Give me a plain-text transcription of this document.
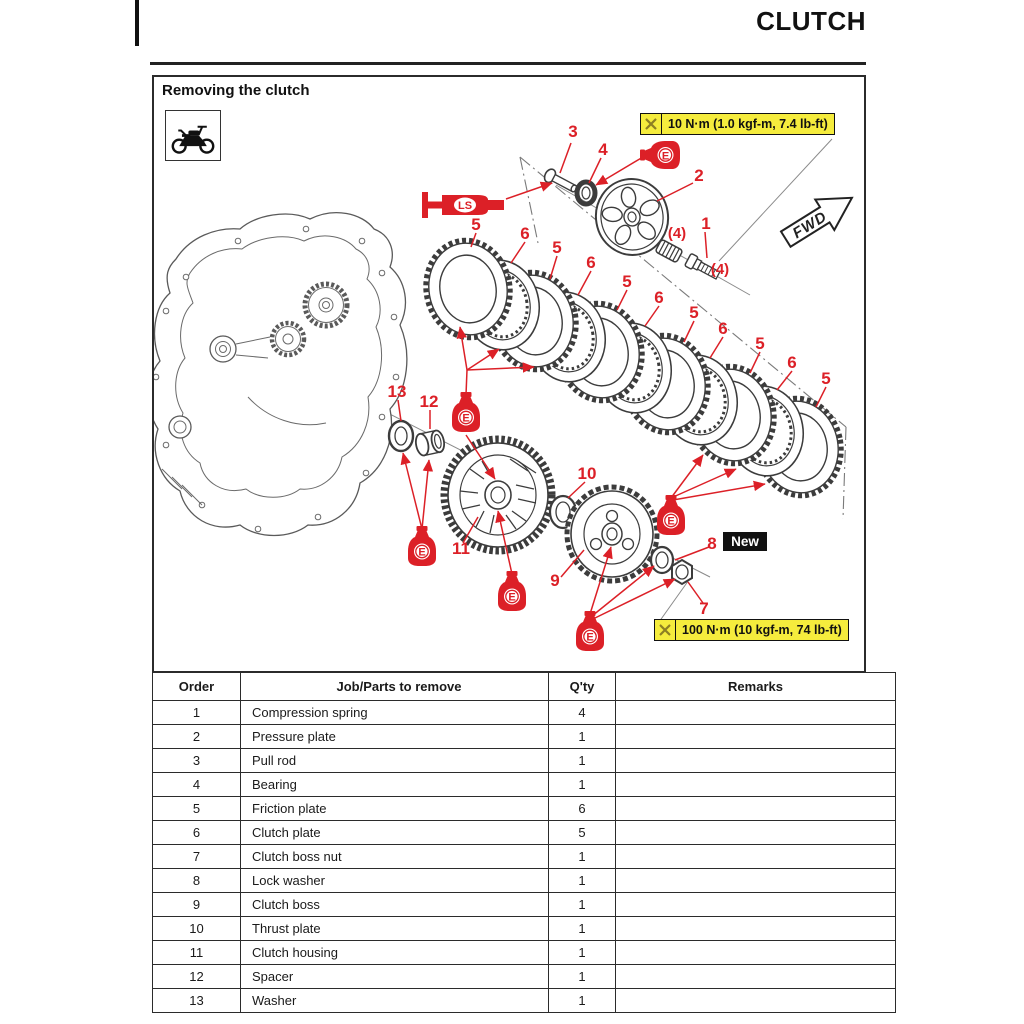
CLUTCH
Removing the clutch
E
E
E
E
E
E
LS
FWD
New
3
4
2
1
(4)
(4)
5
5
5
5
5
5
6
6
6
6
6
13
12
11
10
9
8
7
10 N·m (1.0 kgf-m, 7.4 lb-ft)
100 N·m (10 kgf-m, 74 lb-ft)
Order	Job/Parts to remove	Q'ty	Remarks
1	Compression spring	4	
2	Pressure plate	1	
3	Pull rod	1	
4	Bearing	1	
5	Friction plate	6	
6	Clutch plate	5	
7	Clutch boss nut	1	
8	Lock washer	1	
9	Clutch boss	1	
10	Thrust plate	1	
11	Clutch housing	1	
12	Spacer	1	
13	Washer	1	
